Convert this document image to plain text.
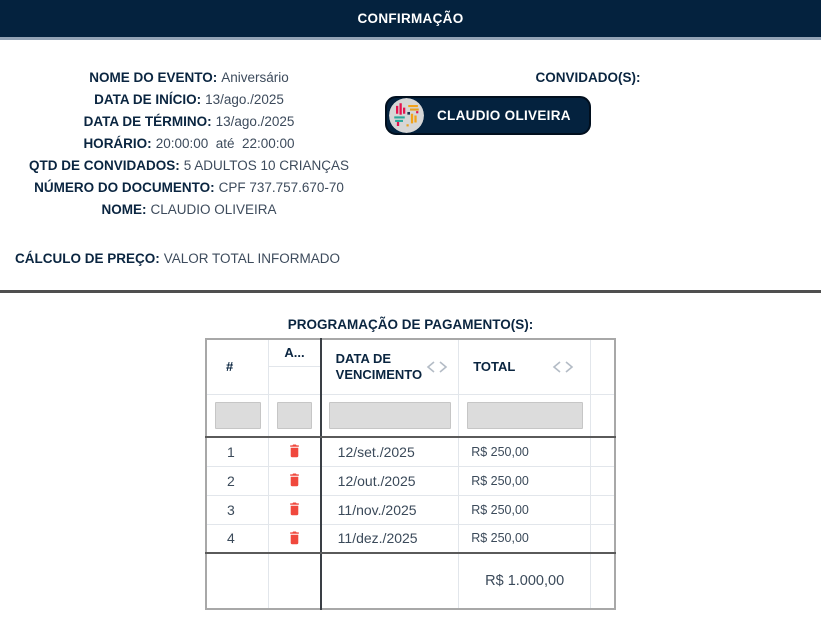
CONFIRMAÇÃO
NOME DO EVENTO: Aniversário
DATA DE INÍCIO: 13/ago./2025
DATA DE TÉRMINO: 13/ago./2025
HORÁRIO: 20:00:00  até  22:00:00
QTD DE CONVIDADOS: 5 ADULTOS 10 CRIANÇAS
NÚMERO DO DOCUMENTO: CPF 737.757.670-70
NOME: CLAUDIO OLIVEIRA
CONVIDADO(S):
CLAUDIO OLIVEIRA
CÁLCULO DE PREÇO: VALOR TOTAL INFORMADO
PROGRAMAÇÃO DE PAGAMENTO(S):
#	A...	DATA DE VENCIMENTO	TOTAL	

1		12/set./2025	R$ 250,00	
2		12/out./2025	R$ 250,00	
3		11/nov./2025	R$ 250,00	
4		11/dez./2025	R$ 250,00	
			R$ 1.000,00	
